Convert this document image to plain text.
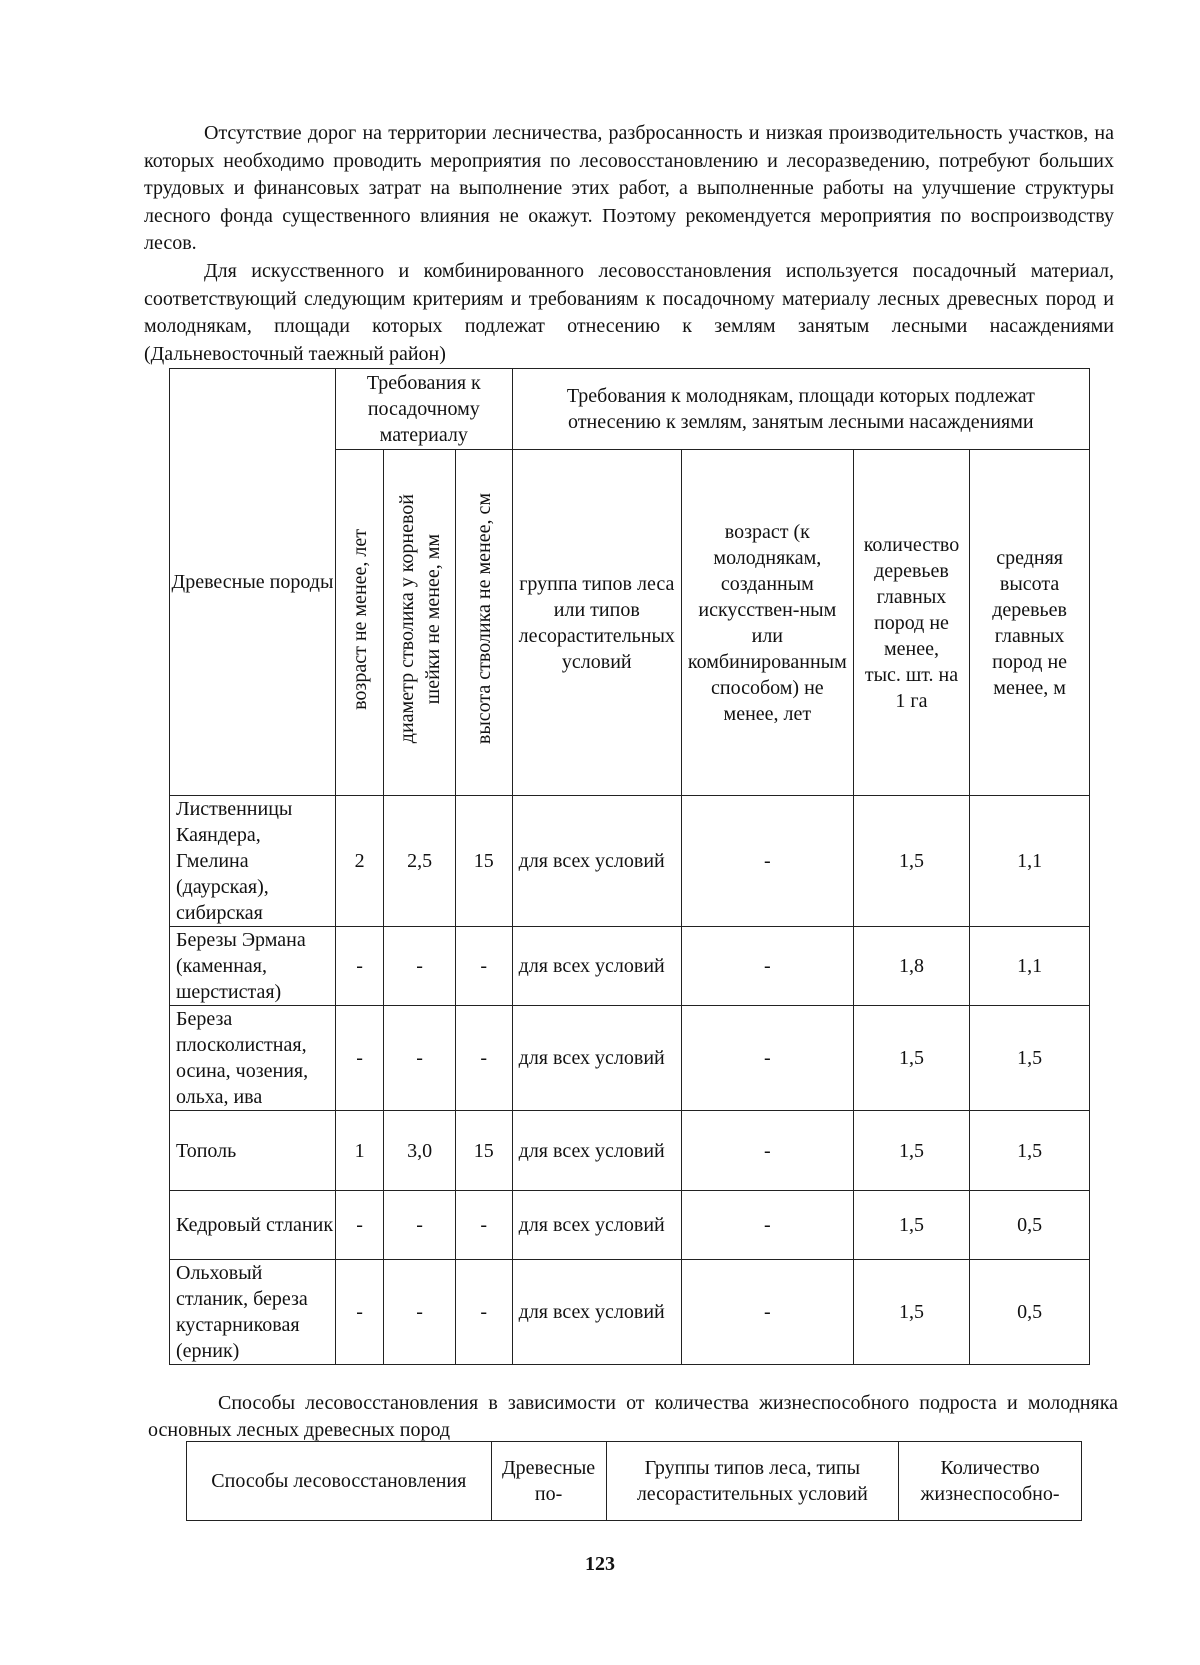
Отсутствие дорог на территории лесничества, разбросанность и низкая производительность участков, на которых необходимо проводить мероприятия по лесовосстановлению и лесоразведению, потребуют больших трудовых и финансовых затрат на выполнение этих работ, а выполненные работы на улучшение структуры лесного фонда существенного влияния не окажут. Поэтому рекомендуется мероприятия по воспроизводству лесов.

Для искусственного и комбинированного лесовосстановления используется посадочный материал, соответствующий следующим критериям и требованиям к посадочному материалу лесных древесных пород и молоднякам, площади которых подлежат отнесению к землям занятым лесными насаждениями (Дальневосточный таежный район)

Древесные породы	Требования к посадочному материалу			Требования к молоднякам, площади которых подлежат отнесению к землям, занятым лесными насаждениями			
	возраст не менее, лет	диаметр стволика у корневой
шейки не менее, мм	высота стволика не менее, см	группа типов леса или типов лесорастительных условий	возраст (к молоднякам, созданным искусствен-ным или комбинированным способом) не менее, лет	количество деревьев главных пород не менее, тыс. шт. на 1 га	средняя высота деревьев главных пород не менее, м
Лиственницы Каяндера, Гмелина (даурская), сибирская	2	2,5	15	для всех условий	-	1,5	1,1
Березы Эрмана (каменная, шерстистая)	-	-	-	для всех условий	-	1,8	1,1
Береза плосколистная, осина, чозения, ольха, ива	-	-	-	для всех условий	-	1,5	1,5
Тополь	1	3,0	15	для всех условий	-	1,5	1,5
Кедровый стланик	-	-	-	для всех условий	-	1,5	0,5
Ольховый стланик, береза кустарниковая (ерник)	-	-	-	для всех условий	-	1,5	0,5

Способы лесовосстановления в зависимости от количества жизнеспособного подроста и молодняка основных лесных древесных пород

Способы лесовосстановления	Древесные по-	Группы типов леса, типы лесорастительных условий	Количество жизнеспособно-
123
